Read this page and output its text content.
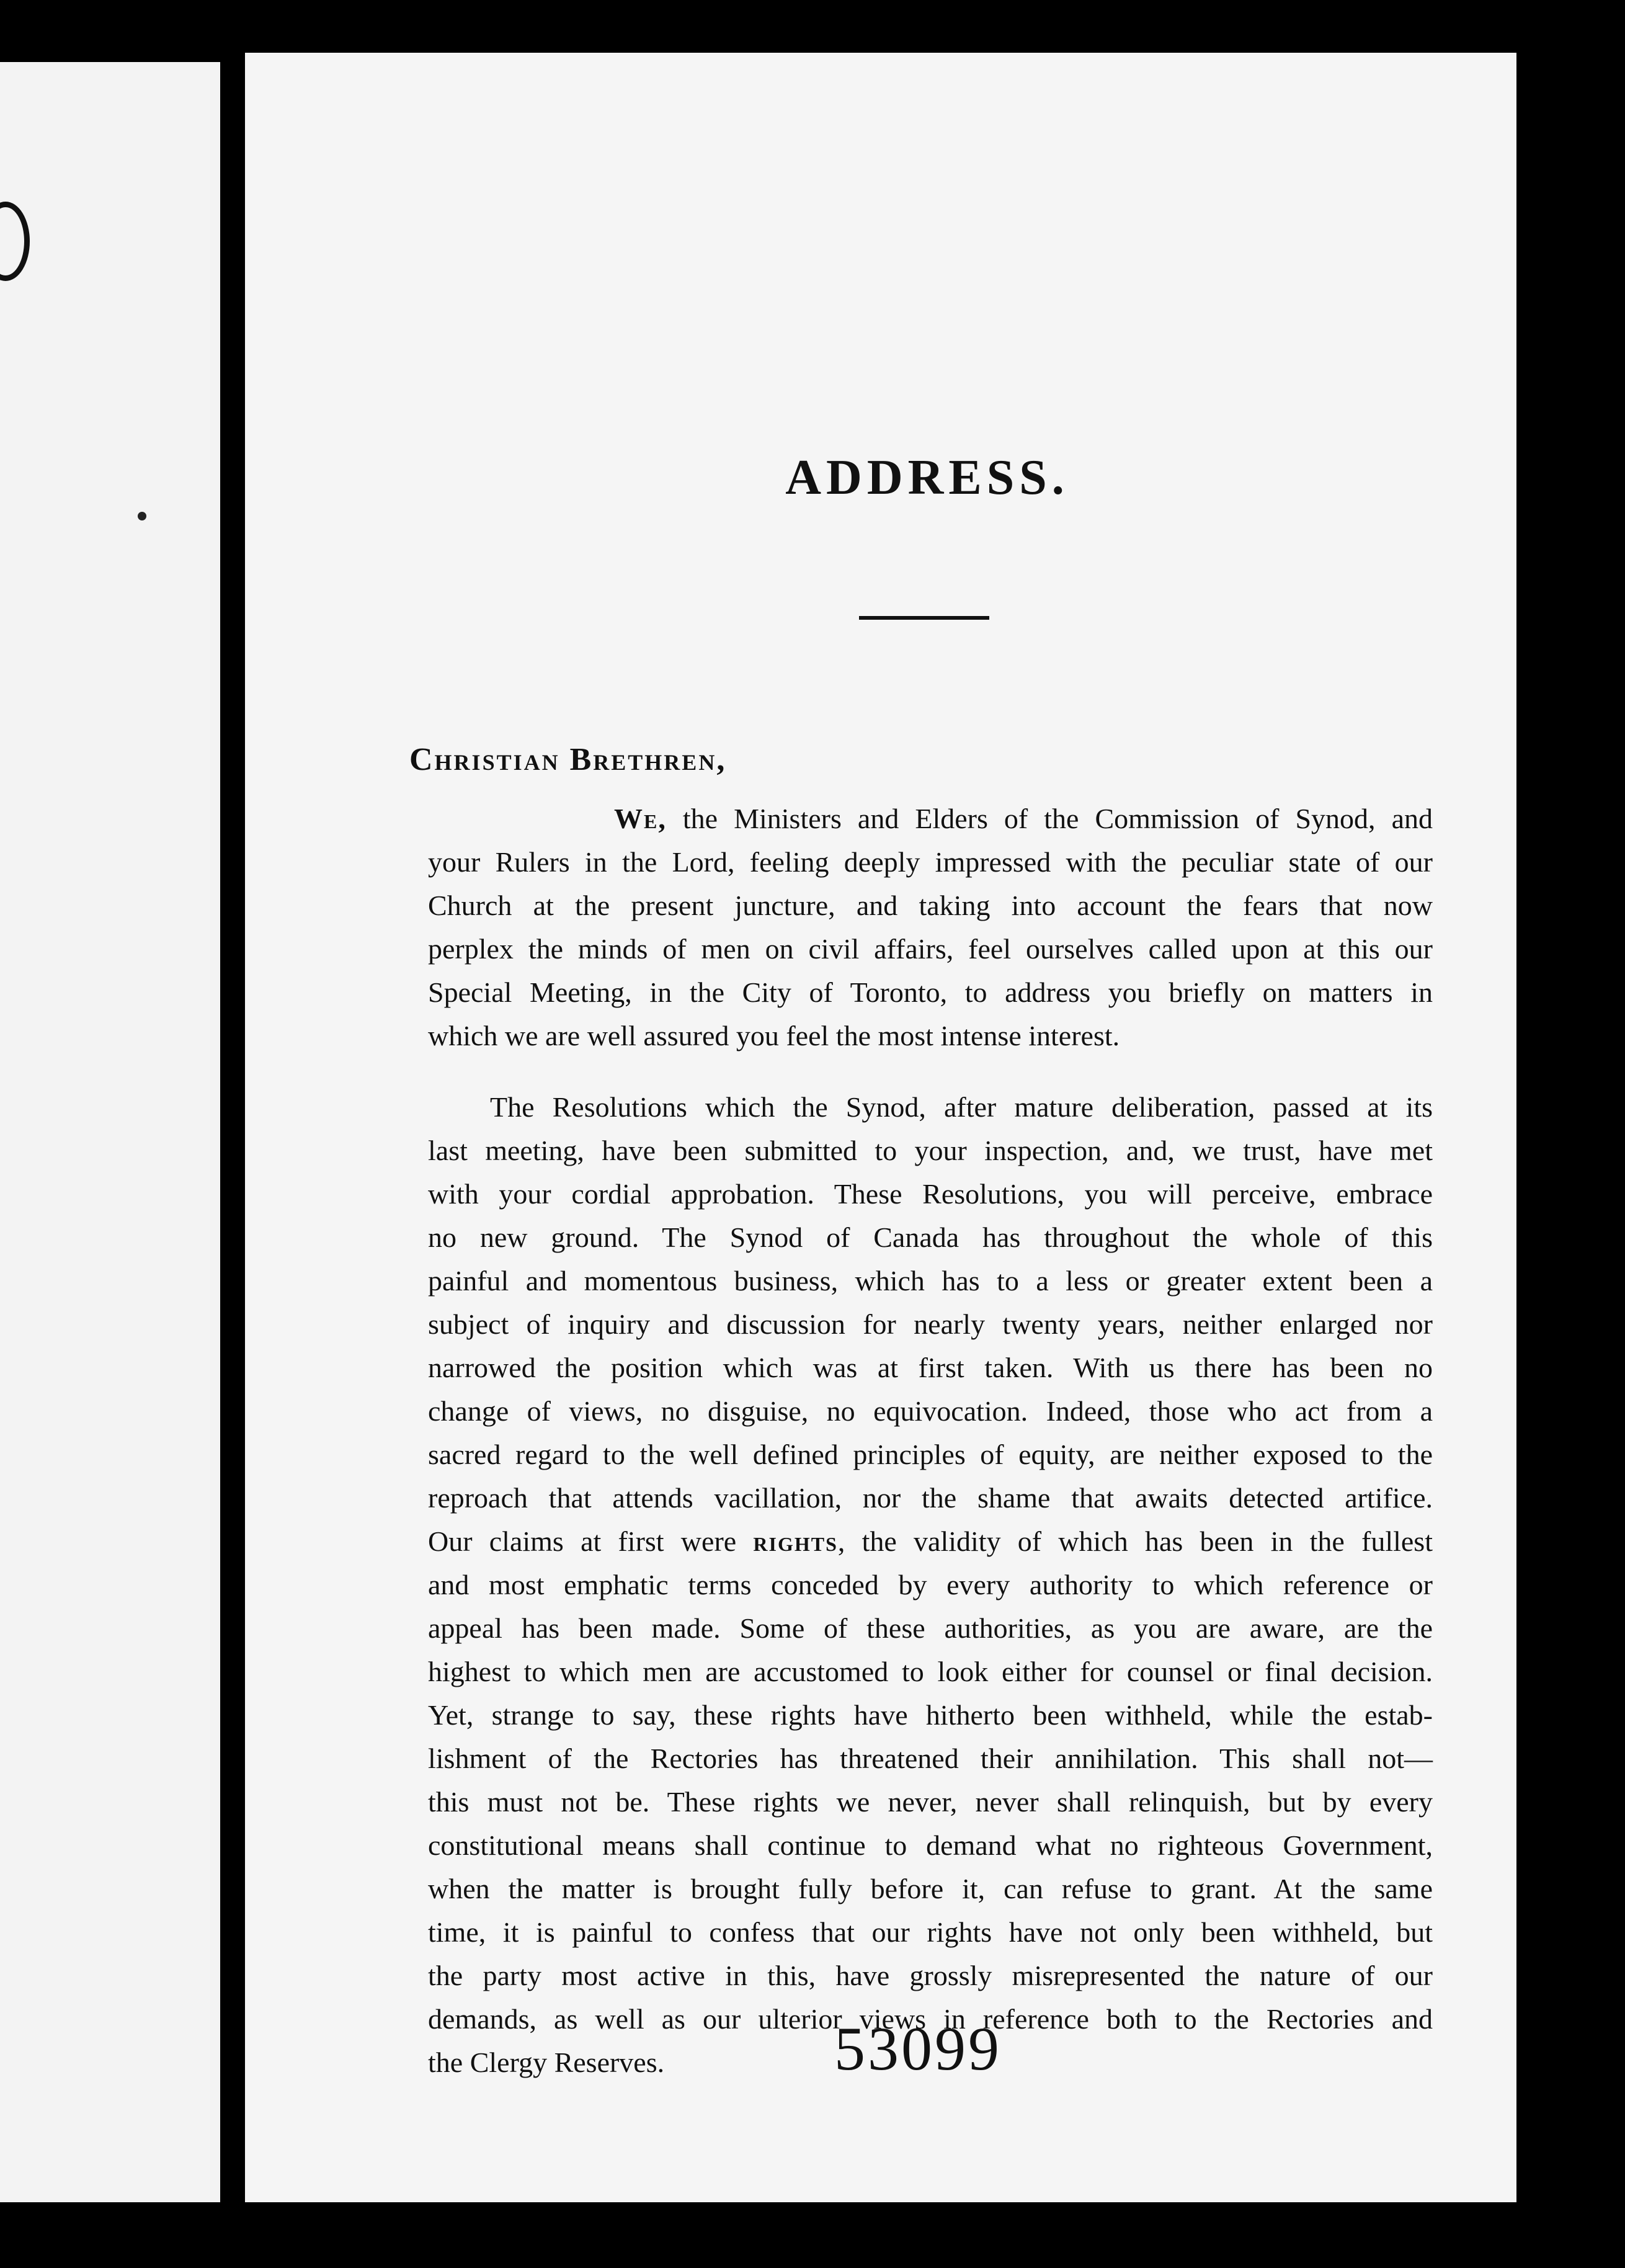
ADDRESS.
Christian Brethren,
We, the Ministers and Elders of the Commission of Synod, and
your Rulers in the Lord, feeling deeply impressed with the peculiar state of our
Church at the present juncture, and taking into account the fears that now
perplex the minds of men on civil affairs, feel ourselves called upon at this our
Special Meeting, in the City of Toronto, to address you briefly on matters in
which we are well assured you feel the most intense interest.
The Resolutions which the Synod, after mature deliberation, passed at its
last meeting, have been submitted to your inspection, and, we trust, have met
with your cordial approbation. These Resolutions, you will perceive, embrace
no new ground. The Synod of Canada has throughout the whole of this
painful and momentous business, which has to a less or greater extent been a
subject of inquiry and discussion for nearly twenty years, neither enlarged nor
narrowed the position which was at first taken. With us there has been no
change of views, no disguise, no equivocation. Indeed, those who act from a
sacred regard to the well defined principles of equity, are neither exposed to the
reproach that attends vacillation, nor the shame that awaits detected artifice.
Our claims at first were rights, the validity of which has been in the fullest
and most emphatic terms conceded by every authority to which reference or
appeal has been made. Some of these authorities, as you are aware, are the
highest to which men are accustomed to look either for counsel or final decision.
Yet, strange to say, these rights have hitherto been withheld, while the estab-
lishment of the Rectories has threatened their annihilation. This shall not—
this must not be. These rights we never, never shall relinquish, but by every
constitutional means shall continue to demand what no righteous Government,
when the matter is brought fully before it, can refuse to grant. At the same
time, it is painful to confess that our rights have not only been withheld, but
the party most active in this, have grossly misrepresented the nature of our
demands, as well as our ulterior views in reference both to the Rectories and
the Clergy Reserves.	53099
